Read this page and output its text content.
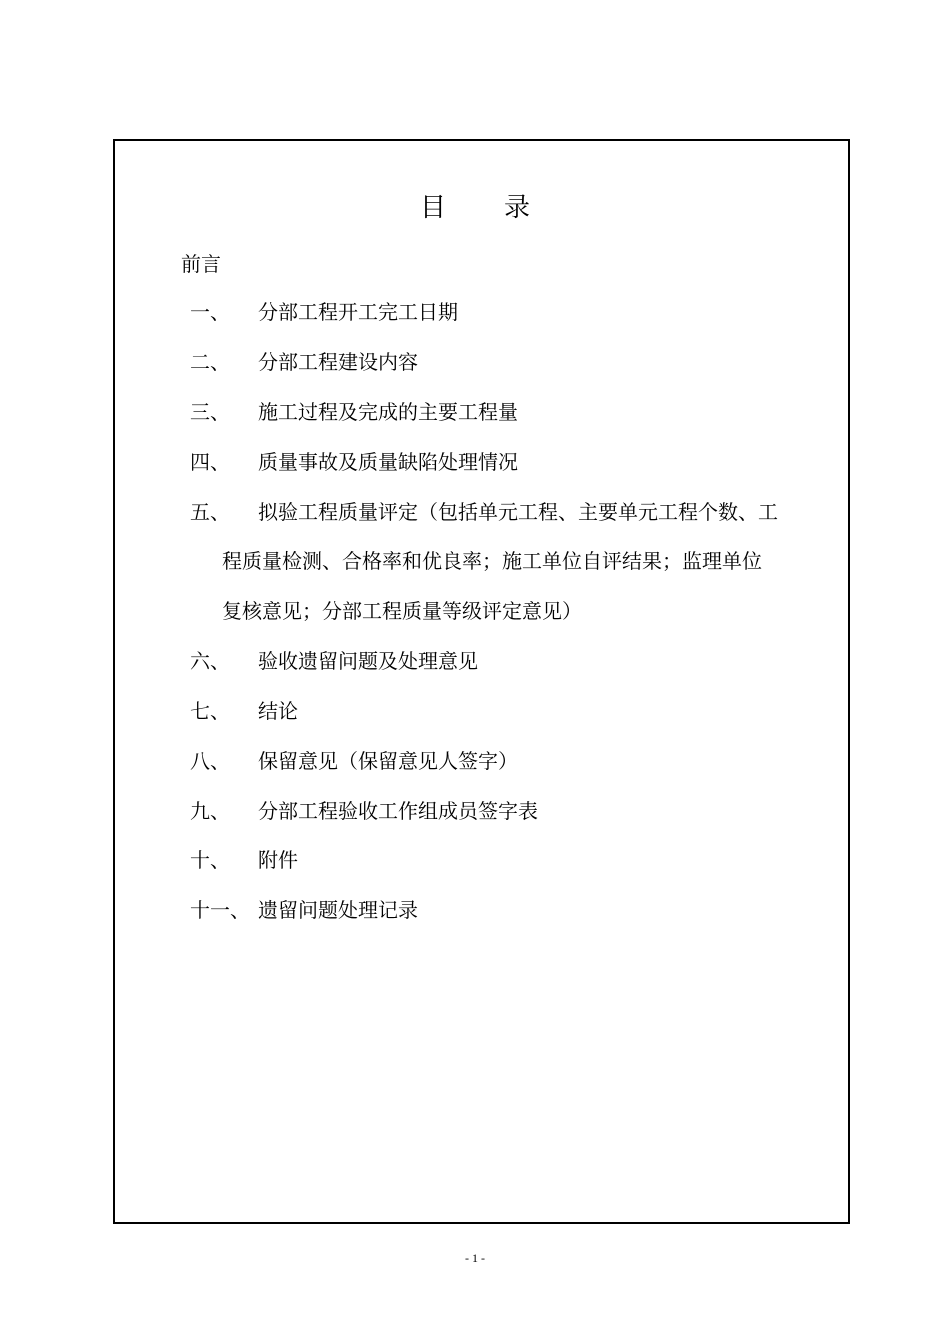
目 录
前言
一、 分部工程开工完工日期
二、 分部工程建设内容
三、 施工过程及完成的主要工程量
四、 质量事故及质量缺陷处理情况
五、 拟验工程质量评定（包括单元工程、主要单元工程个数、工
程质量检测、合格率和优良率；施工单位自评结果；监理单位
复核意见；分部工程质量等级评定意见）
六、 验收遗留问题及处理意见
七、 结论
八、 保留意见（保留意见人签字）
九、 分部工程验收工作组成员签字表
十、 附件
十一、 遗留问题处理记录
- 1 -
